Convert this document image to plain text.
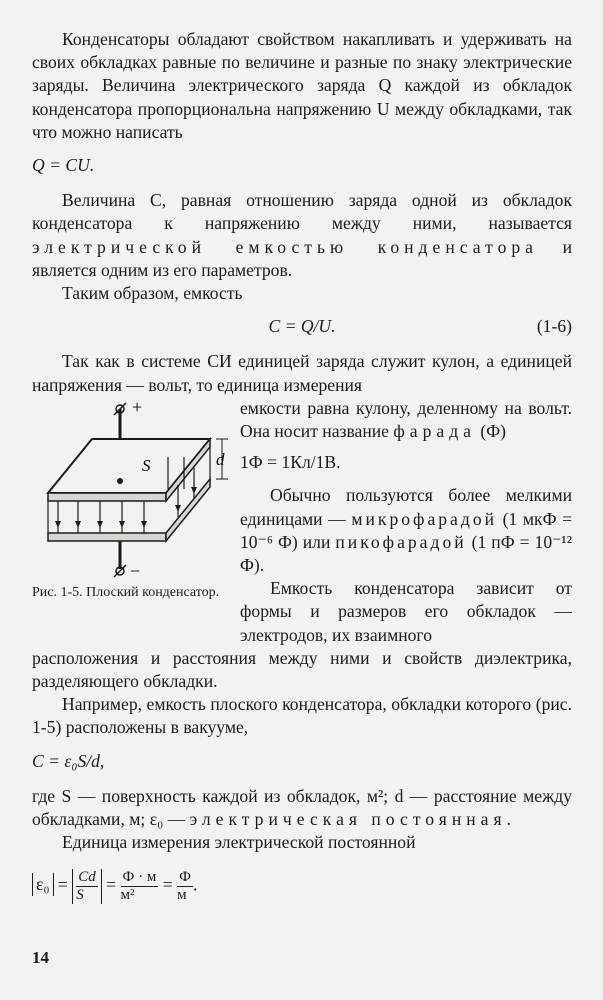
Конденсаторы обладают свойством накапливать и удерживать на своих обкладках равные по величине и разные по знаку электрические заряды. Величина электрического заряда Q каждой из обкладок конденсатора пропорциональна напряжению U между обкладками, так что можно написать

Q = CU.

Величина C, равная отношению заряда одной из обкладок конденсатора к напряжению между ними, называется электрической емкостью конденсатора и является одним из его параметров.

Таким образом, емкость

C = Q/U.	(1-6)

Так как в системе СИ единицей заряда служит кулон, а единицей напряжения — вольт, то единица измерения

+
S	d
−
Рис. 1-5. Плоский конденсатор.

емкости равна кулону, деленному на вольт. Она носит название фарада (Ф)

1Ф = 1Кл/1В.

Обычно пользуются более мелкими единицами — микрофарадой (1 мкФ = 10⁻⁶ Ф) или пикофарадой (1 пФ = 10⁻¹² Ф).

Емкость конденсатора зависит от формы и размеров его обкладок — электродов, их взаимного

расположения и расстояния между ними и свойств диэлектрика, разделяющего обкладки.

Например, емкость плоского конденсатора, обкладки которого (рис. 1-5) расположены в вакууме,

C = ε₀S/d,

где S — поверхность каждой из обкладок, м²; d — расстояние между обкладками, м; ε₀ — электрическая постоянная.

Единица измерения электрической постоянной

$\varepsilon_0 = \frac{Cd}{S} = \frac{Ф \cdot м}{\text{м²}} = \frac{Ф}{м}$ .

14
